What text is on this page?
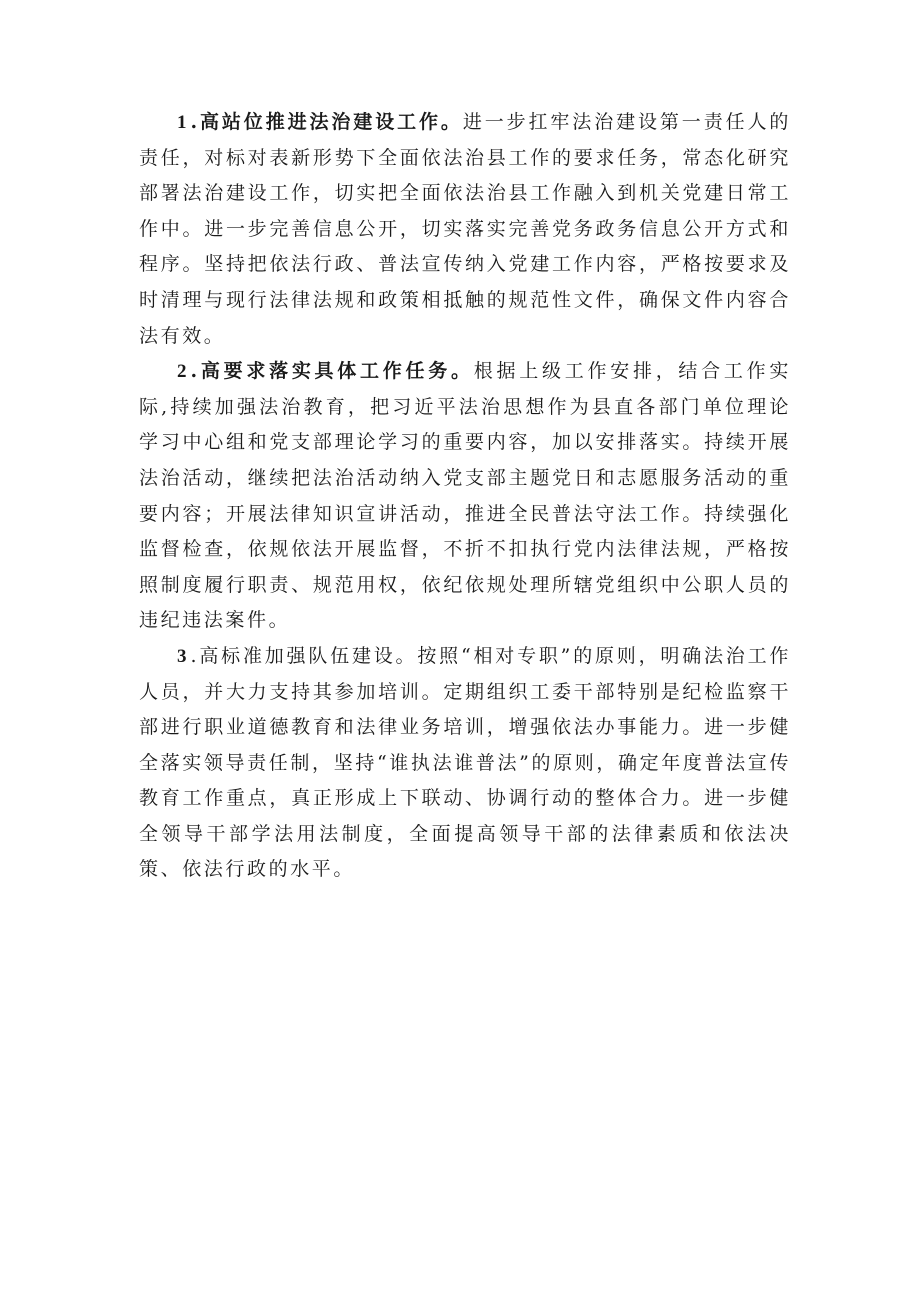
1 .高站位推进法治建设工作。进一步扛牢法治建设第一责任人的责任，对标对表新形势下全面依法治县工作的要求任务，常态化研究部署法治建设工作，切实把全面依法治县工作融入到机关党建日常工作中。进一步完善信息公开，切实落实完善党务政务信息公开方式和程序。坚持把依法行政、普法宣传纳入党建工作内容，严格按要求及时清理与现行法律法规和政策相抵触的规范性文件，确保文件内容合法有效。

2 .高要求落实具体工作任务。根据上级工作安排，结合工作实际,持续加强法治教育，把习近平法治思想作为县直各部门单位理论学习中心组和党支部理论学习的重要内容，加以安排落实。持续开展法治活动，继续把法治活动纳入党支部主题党日和志愿服务活动的重要内容；开展法律知识宣讲活动，推进全民普法守法工作。持续强化监督检查，依规依法开展监督，不折不扣执行党内法律法规，严格按照制度履行职责、规范用权，依纪依规处理所辖党组织中公职人员的违纪违法案件。

3 .高标准加强队伍建设。按照“相对专职”的原则，明确法治工作人员，并大力支持其参加培训。定期组织工委干部特别是纪检监察干部进行职业道德教育和法律业务培训，增强依法办事能力。进一步健全落实领导责任制，坚持“谁执法谁普法”的原则，确定年度普法宣传教育工作重点，真正形成上下联动、协调行动的整体合力。进一步健全领导干部学法用法制度，全面提高领导干部的法律素质和依法决策、依法行政的水平。
